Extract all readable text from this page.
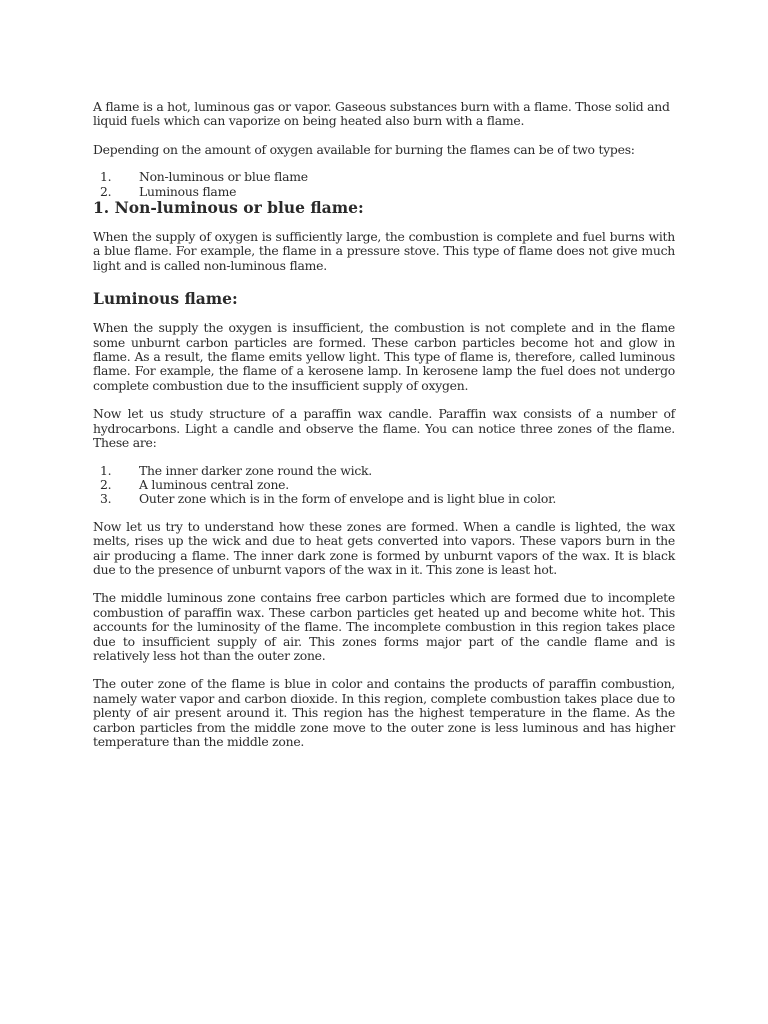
A flame is a hot, luminous gas or vapor. Gaseous substances burn with a flame. Those solid and liquid fuels which can vaporize on being heated also burn with a flame.

Depending on the amount of oxygen available for burning the flames can be of two types:

1.	Non-luminous or blue flame
2.	Luminous flame
1. Non-luminous or blue flame:

When the supply of oxygen is sufficiently large, the combustion is complete and fuel burns with a blue flame. For example, the flame in a pressure stove. This type of flame does not give much light and is called non-luminous flame.

Luminous flame:

When the supply the oxygen is insufficient, the combustion is not complete and in the flame some unburnt carbon particles are formed. These carbon particles become hot and glow in flame. As a result, the flame emits yellow light. This type of flame is, therefore, called luminous flame. For example, the flame of a kerosene lamp. In kerosene lamp the fuel does not undergo complete combustion due to the insufficient supply of oxygen.

Now let us study structure of a paraffin wax candle. Paraffin wax consists of a number of hydrocarbons. Light a candle and observe the flame. You can notice three zones of the flame. These are:

1.	The inner darker zone round the wick.
2.	A luminous central zone.
3.	Outer zone which is in the form of envelope and is light blue in color.

Now let us try to understand how these zones are formed. When a candle is lighted, the wax melts, rises up the wick and due to heat gets converted into vapors. These vapors burn in the air producing a flame. The inner dark zone is formed by unburnt vapors of the wax. It is black due to the presence of unburnt vapors of the wax in it. This zone is least hot.

The middle luminous zone contains free carbon particles which are formed due to incomplete combustion of paraffin wax. These carbon particles get heated up and become white hot. This accounts for the luminosity of the flame. The incomplete combustion in this region takes place due to insufficient supply of air. This zones forms major part of the candle flame and is relatively less hot than the outer zone.

The outer zone of the flame is blue in color and contains the products of paraffin combustion, namely water vapor and carbon dioxide. In this region, complete combustion takes place due to plenty of air present around it. This region has the highest temperature in the flame. As the carbon particles from the middle zone move to the outer zone is less luminous and has higher temperature than the middle zone.
